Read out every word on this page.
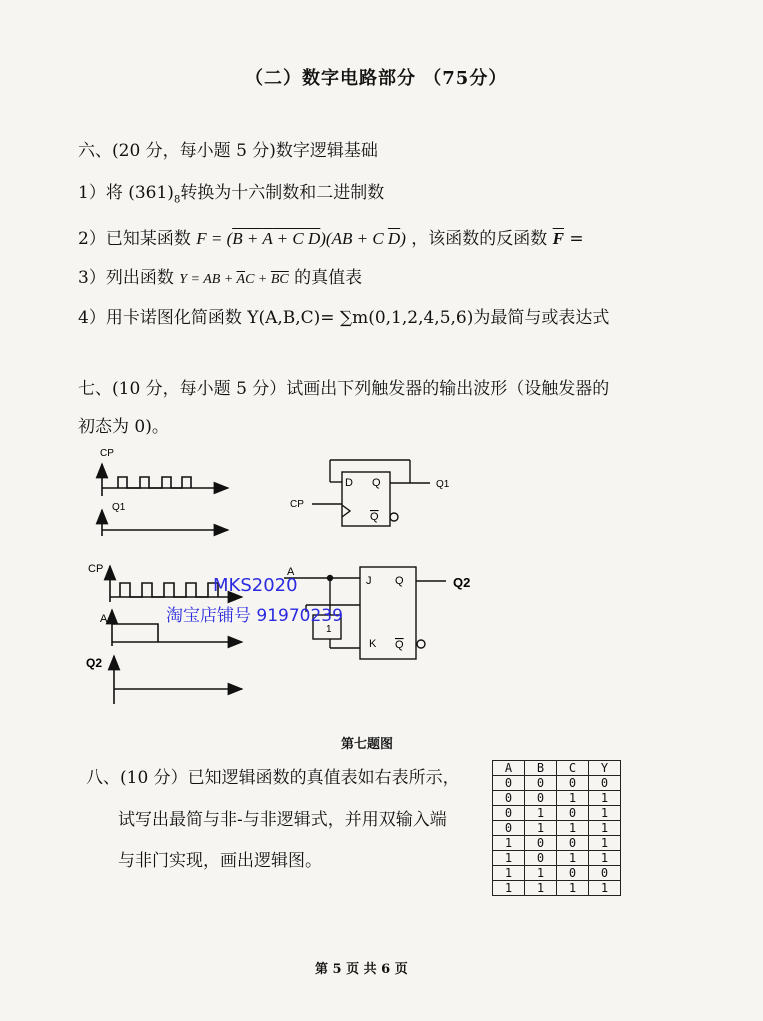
（二）数字电路部分 （75分）
六、(20 分，每小题 5 分)数字逻辑基础
1）将 $(361)_8$转换为十六制数和二进制数
2）已知某函数 F = (B + A + C D)(AB + C $\overline{D}$) ，该函数的反函数 $\overline{F}$ =
3）列出函数 Y = AB + $\overline{A}C + \overline{BC}$ 的真值表
4）用卡诺图化简函数 Y(A,B,C)= ∑m(0,1,2,4,5,6)为最简与或表达式
七、(10 分，每小题 5 分）试画出下列触发器的输出波形（设触发器的
初态为 0)。
CP
Q1	CP
D Q
Q
Q1
CP
A
Q2
A
J Q
1
K Q
Q2
MKS2020
淘宝店铺号 91970239
第七题图
八、(10 分）已知逻辑函数的真值表如右表所示，
试写出最简与非-与非逻辑式，并用双输入端
与非门实现，画出逻辑图。
A	B	C	Y
0	0	0	0
0	0	1	1
0	1	0	1
0	1	1	1
1	0	0	1
1	0	1	1
1	1	0	0
1	1	1	1
第 5 页 共 6 页
